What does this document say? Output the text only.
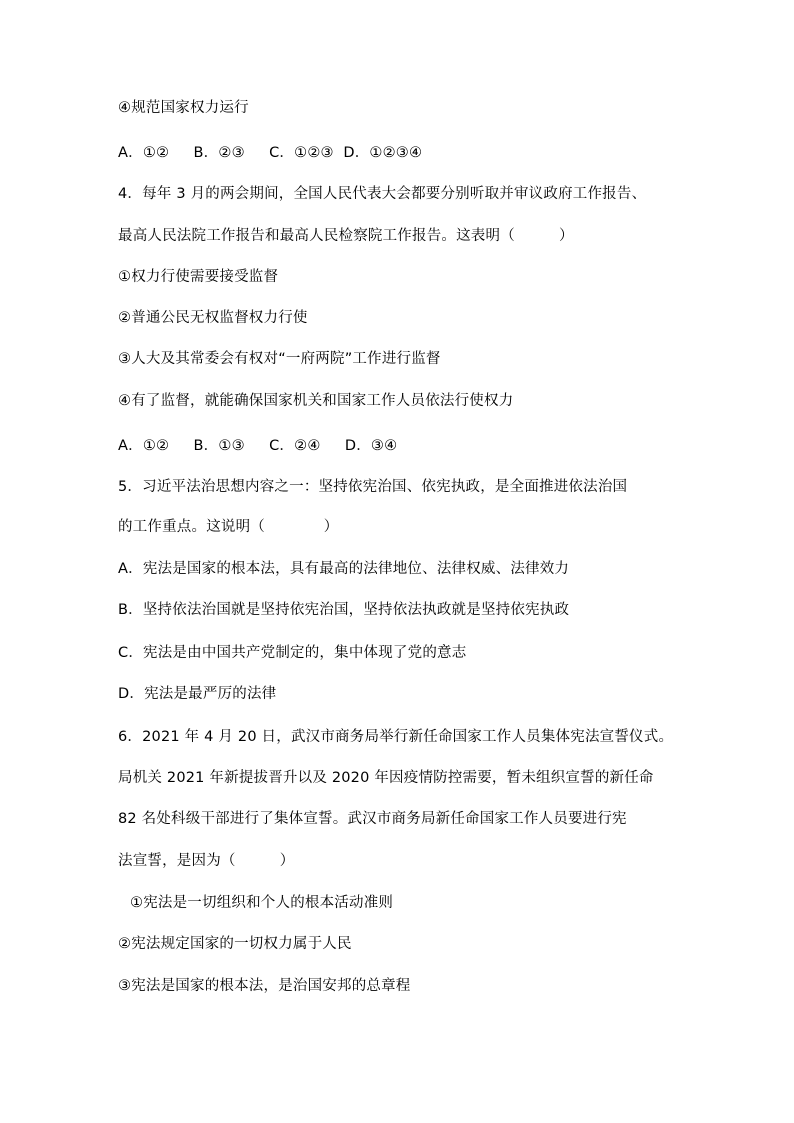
④规范国家权力运行
A．①②　  B．②③　  C．①②③  D．①②③④
4．每年 3 月的两会期间，全国人民代表大会都要分别听取并审议政府工作报告、
最高人民法院工作报告和最高人民检察院工作报告。这表明（　　　）
①权力行使需要接受监督
②普通公民无权监督权力行使
③人大及其常委会有权对“一府两院”工作进行监督
④有了监督，就能确保国家机关和国家工作人员依法行使权力
A．①②　  B．①③　  C．②④　  D．③④
5．习近平法治思想内容之一：坚持依宪治国、依宪执政，是全面推进依法治国
的工作重点。这说明（　　　　）
A．宪法是国家的根本法，具有最高的法律地位、法律权威、法律效力
B．坚持依法治国就是坚持依宪治国，坚持依法执政就是坚持依宪执政
C．宪法是由中国共产党制定的，集中体现了党的意志
D．宪法是最严厉的法律
6．2021 年 4 月 20 日，武汉市商务局举行新任命国家工作人员集体宪法宣誓仪式。
局机关 2021 年新提拔晋升以及 2020 年因疫情防控需要，暂未组织宣誓的新任命
82 名处科级干部进行了集体宣誓。武汉市商务局新任命国家工作人员要进行宪
法宣誓，是因为（　　　）
①宪法是一切组织和个人的根本活动准则
②宪法规定国家的一切权力属于人民
③宪法是国家的根本法，是治国安邦的总章程
